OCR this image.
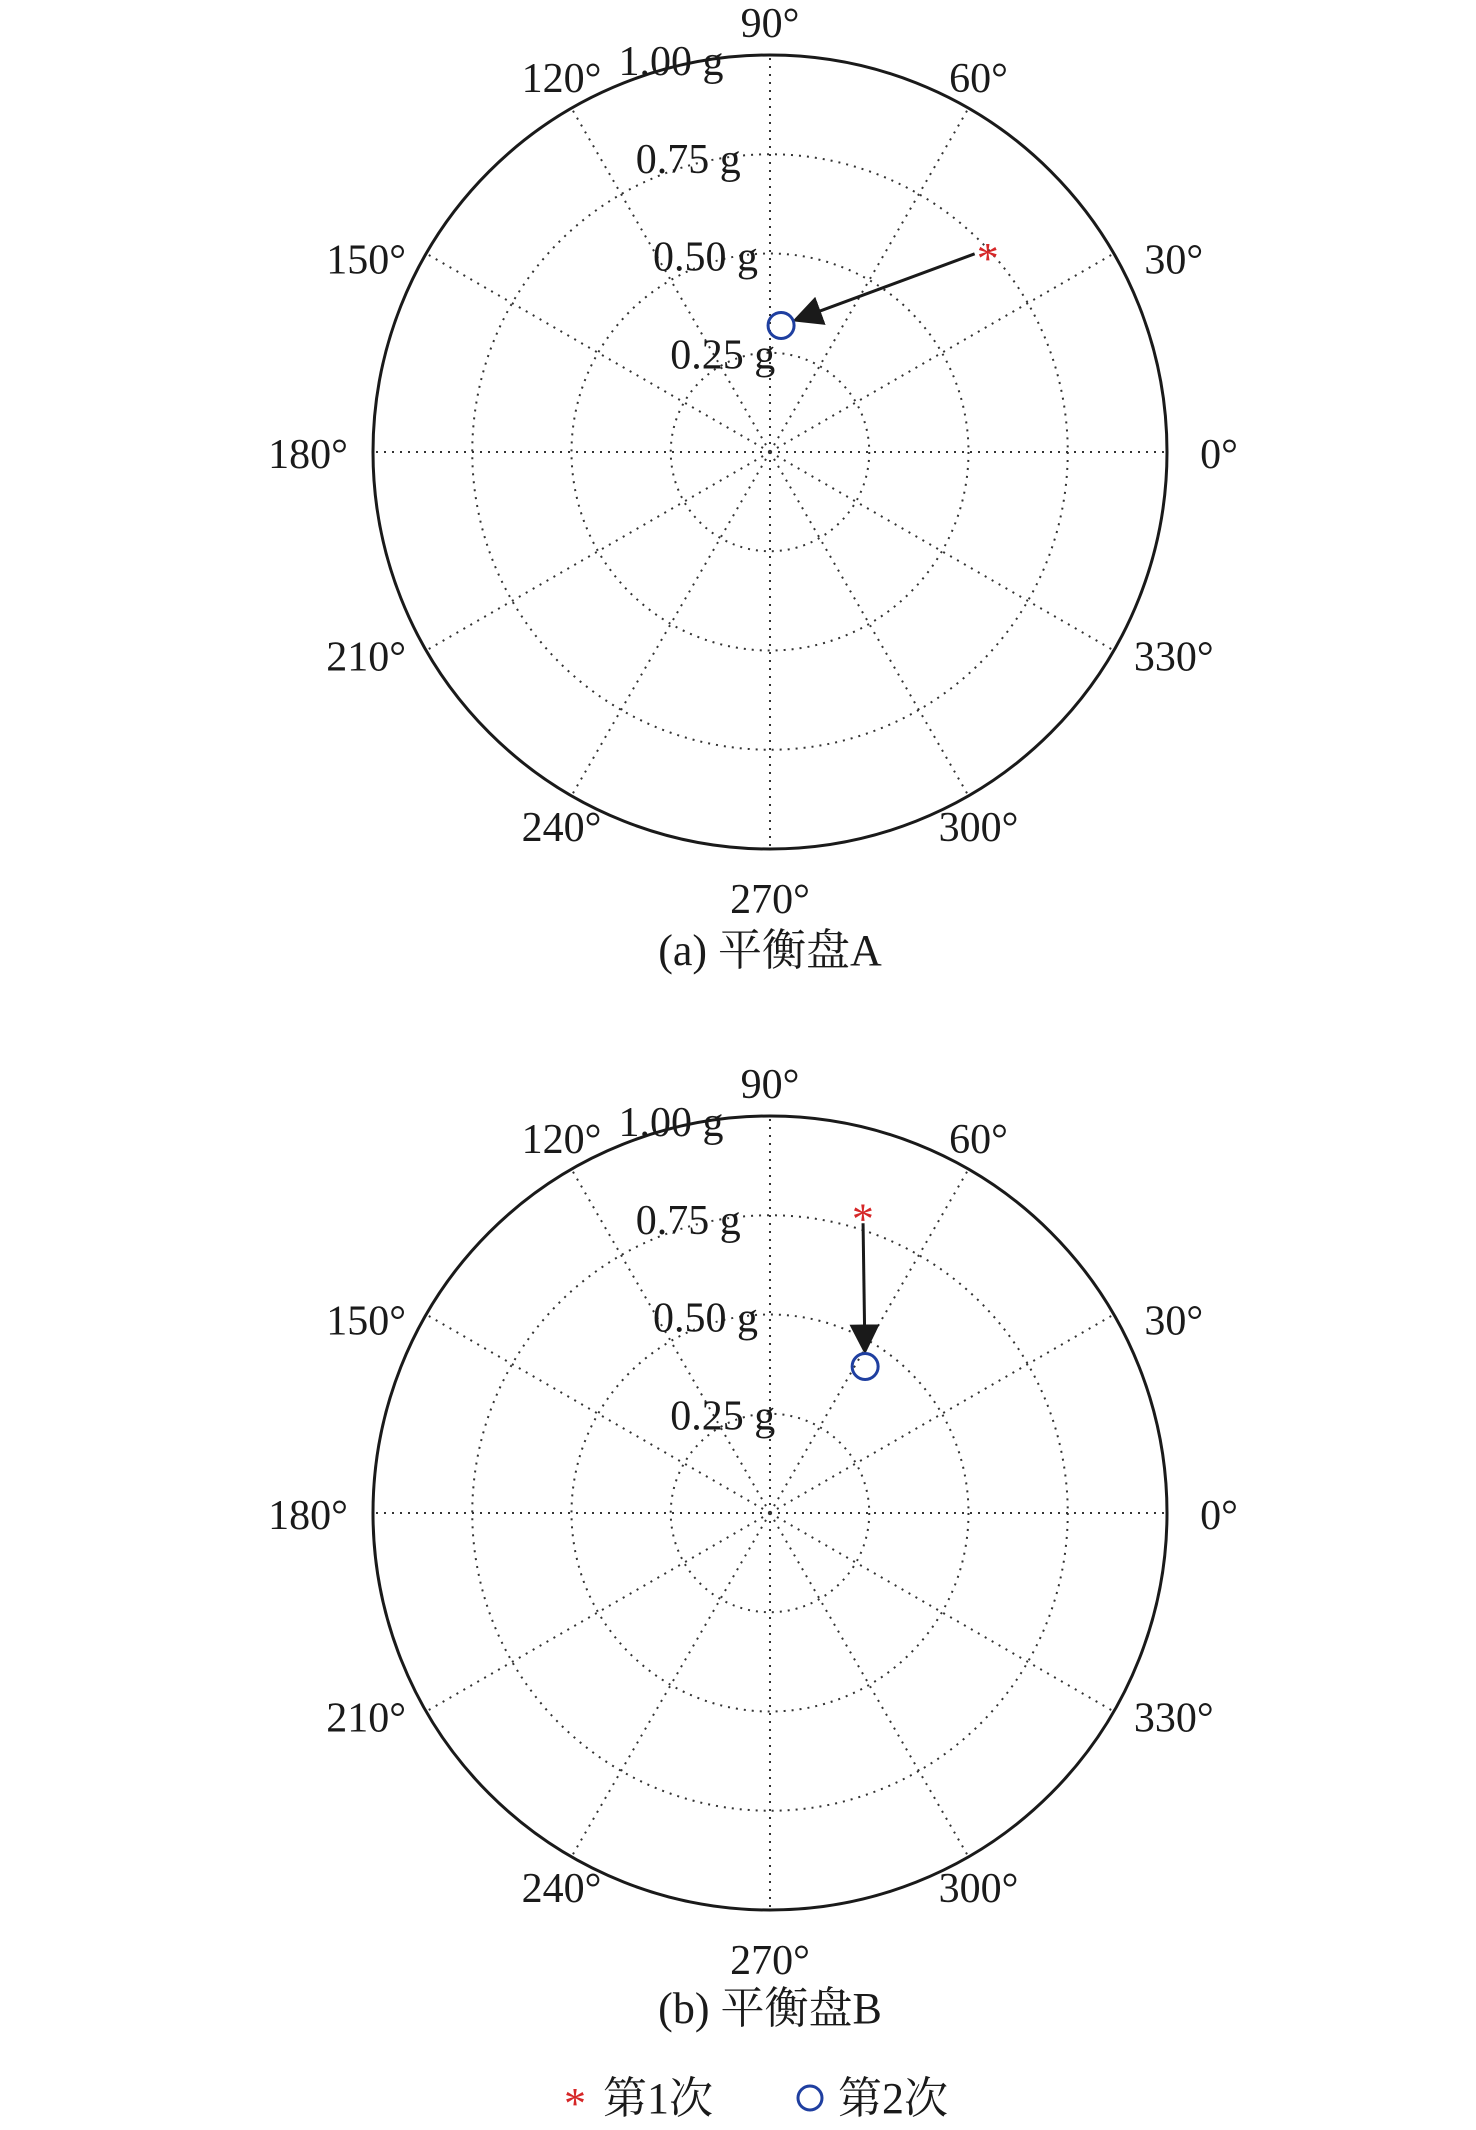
0.25 g
0.50 g
0.75 g
1.00 g
0°
30°
60°
90°
120°
150°
180°
210°
240°	300°
270°
330°
*
(a) 平衡盘A
0.25 g
0.50 g
0.75 g
1.00 g
0°
30°
60°
90°
120°
150°
180°
210°
240°	300°
270°
330°
*
(b) 平衡盘B
* 第1次	第2次
